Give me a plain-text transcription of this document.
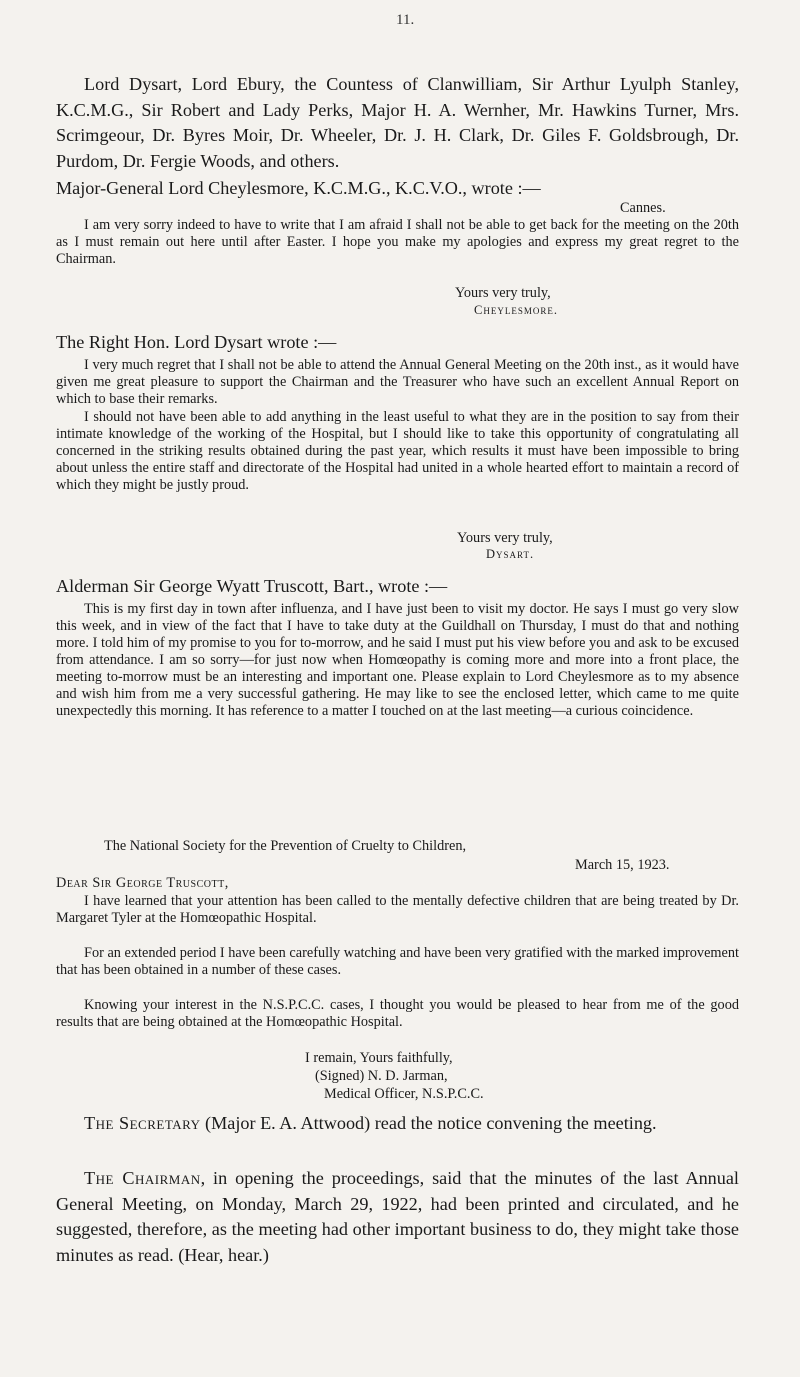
11.

Lord Dysart, Lord Ebury, the Countess of Clanwilliam, Sir Arthur Lyulph Stanley, K.C.M.G., Sir Robert and Lady Perks, Major H. A. Wernher, Mr. Hawkins Turner, Mrs. Scrimgeour, Dr. Byres Moir, Dr. Wheeler, Dr. J. H. Clark, Dr. Giles F. Goldsbrough, Dr. Purdom, Dr. Fergie Woods, and others.

Major-General Lord Cheylesmore, K.C.M.G., K.C.V.O., wrote :—

Cannes.

I am very sorry indeed to have to write that I am afraid I shall not be able to get back for the meeting on the 20th as I must remain out here until after Easter. I hope you make my apologies and express my great regret to the Chairman.

Yours very truly,

Cheylesmore.

The Right Hon. Lord Dysart wrote :—

I very much regret that I shall not be able to attend the Annual General Meeting on the 20th inst., as it would have given me great pleasure to support the Chairman and the Treasurer who have such an excellent Annual Report on which to base their remarks.

I should not have been able to add anything in the least useful to what they are in the position to say from their intimate knowledge of the working of the Hospital, but I should like to take this opportunity of congratulating all concerned in the striking results obtained during the past year, which results it must have been impossible to bring about unless the entire staff and directorate of the Hospital had united in a whole hearted effort to maintain a record of which they might be justly proud.

Yours very truly,

Dysart.

Alderman Sir George Wyatt Truscott, Bart., wrote :—

This is my first day in town after influenza, and I have just been to visit my doctor. He says I must go very slow this week, and in view of the fact that I have to take duty at the Guildhall on Thursday, I must do that and nothing more. I told him of my promise to you for to-morrow, and he said I must put his view before you and ask to be excused from attendance. I am so sorry—for just now when Homœopathy is coming more and more into a front place, the meeting to-morrow must be an interesting and important one. Please explain to Lord Cheylesmore as to my absence and wish him from me a very successful gathering. He may like to see the enclosed letter, which came to me quite unexpectedly this morning. It has reference to a matter I touched on at the last meeting—a curious coincidence.

The National Society for the Prevention of Cruelty to Children,

March 15, 1923.

Dear Sir George Truscott,

I have learned that your attention has been called to the mentally defective children that are being treated by Dr. Margaret Tyler at the Homœopathic Hospital.

For an extended period I have been carefully watching and have been very gratified with the marked improvement that has been obtained in a number of these cases.

Knowing your interest in the N.S.P.C.C. cases, I thought you would be pleased to hear from me of the good results that are being obtained at the Homœopathic Hospital.

I remain, Yours faithfully,

(Signed) N. D. Jarman,

Medical Officer, N.S.P.C.C.

The Secretary (Major E. A. Attwood) read the notice convening the meeting.

The Chairman, in opening the proceedings, said that the minutes of the last Annual General Meeting, on Monday, March 29, 1922, had been printed and circulated, and he suggested, therefore, as the meeting had other important business to do, they might take those minutes as read. (Hear, hear.)
